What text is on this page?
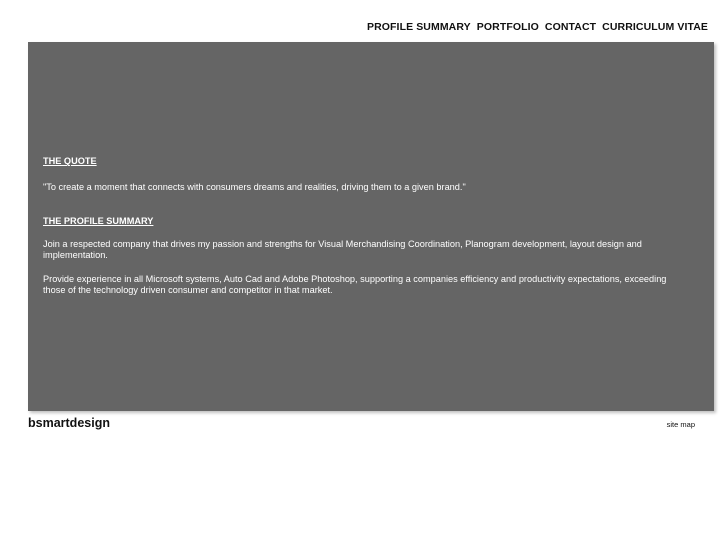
PROFILE SUMMARY PORTFOLIO CONTACT CURRICULUM VITAE

THE QUOTE

"To create a moment that connects with consumers dreams and realities, driving them to a given brand."

THE PROFILE SUMMARY

Join a respected company that drives my passion and strengths for Visual Merchandising Coordination, Planogram development, layout design and implementation.

Provide experience in all Microsoft systems, Auto Cad and Adobe Photoshop, supporting a companies efficiency and productivity expectations, exceeding those of the technology driven consumer and competitor in that market.

bsmartdesign	site map
